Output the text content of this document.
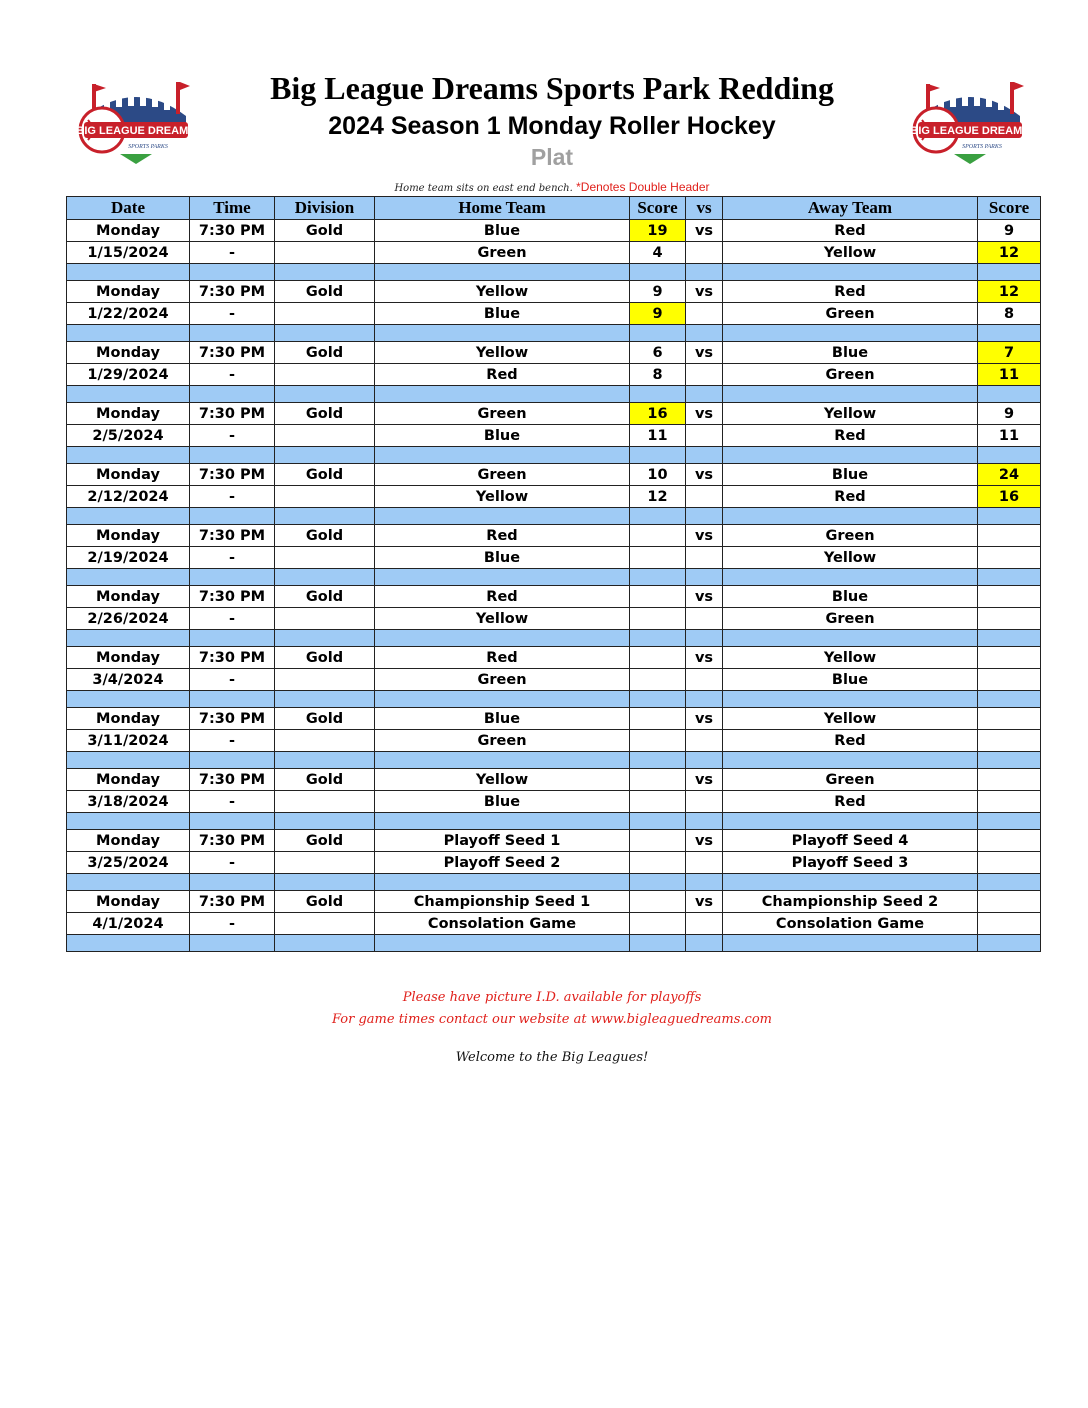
BIG LEAGUE DREAMS
SPORTS PARKS
BIG LEAGUE DREAMS
SPORTS PARKS
Big League Dreams Sports Park Redding
2024 Season 1 Monday Roller Hockey
Plat
Home team sits on east end bench. *Denotes Double Header
Date	Time	Division	Home Team	Score	vs	Away Team	Score
Monday	7:30 PM	Gold	Blue	19	vs	Red	9
1/15/2024	-		Green	4		Yellow	12

Monday	7:30 PM	Gold	Yellow	9	vs	Red	12
1/22/2024	-		Blue	9		Green	8

Monday	7:30 PM	Gold	Yellow	6	vs	Blue	7
1/29/2024	-		Red	8		Green	11

Monday	7:30 PM	Gold	Green	16	vs	Yellow	9
2/5/2024	-		Blue	11		Red	11

Monday	7:30 PM	Gold	Green	10	vs	Blue	24
2/12/2024	-		Yellow	12		Red	16

Monday	7:30 PM	Gold	Red		vs	Green	
2/19/2024	-		Blue			Yellow	

Monday	7:30 PM	Gold	Red		vs	Blue	
2/26/2024	-		Yellow			Green	

Monday	7:30 PM	Gold	Red		vs	Yellow	
3/4/2024	-		Green			Blue	

Monday	7:30 PM	Gold	Blue		vs	Yellow	
3/11/2024	-		Green			Red	

Monday	7:30 PM	Gold	Yellow		vs	Green	
3/18/2024	-		Blue			Red	

Monday	7:30 PM	Gold	Playoff Seed 1		vs	Playoff Seed 4	
3/25/2024	-		Playoff Seed 2			Playoff Seed 3	

Monday	7:30 PM	Gold	Championship Seed 1		vs	Championship Seed 2	
4/1/2024	-		Consolation Game			Consolation Game	

Please have picture I.D. available for playoffs
For game times contact our website at www.bigleaguedreams.com
Welcome to the Big Leagues!
